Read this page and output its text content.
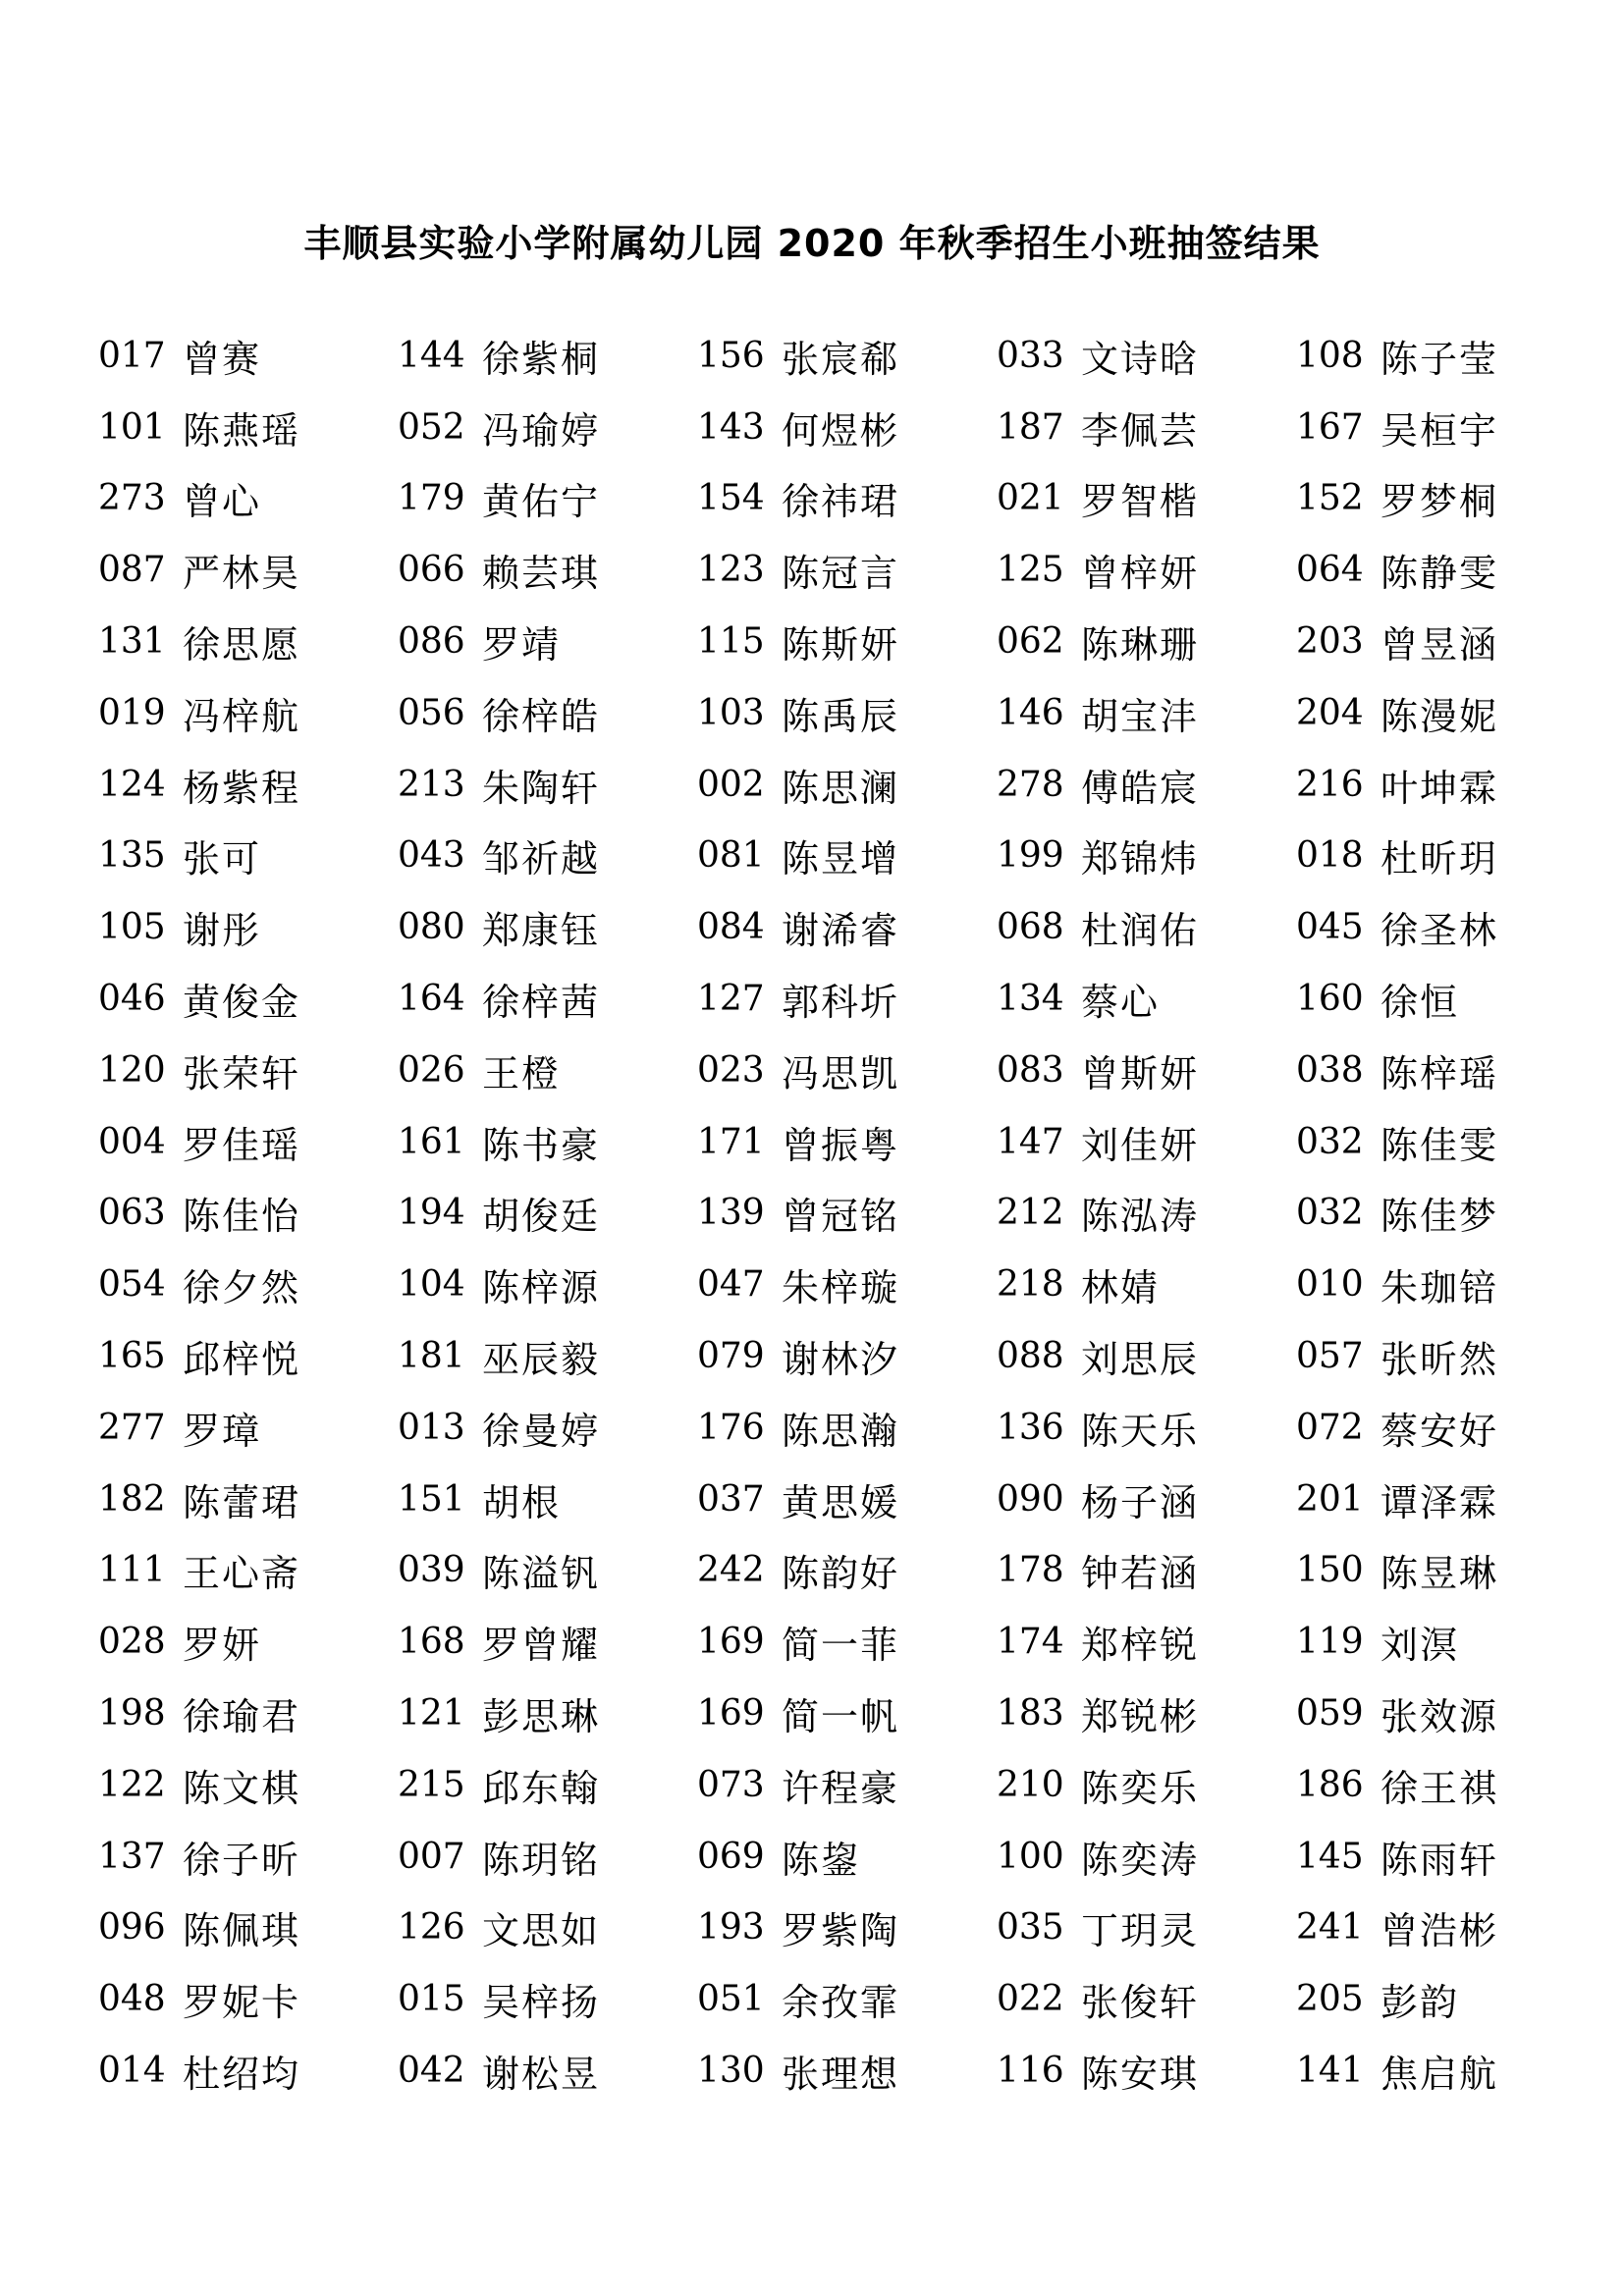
丰顺县实验小学附属幼儿园 2020 年秋季招生小班抽签结果
017 曾赛	144 徐紫桐	156 张宸郗	033 文诗晗	108 陈子莹
101 陈燕瑶	052 冯瑜婷	143 何煜彬	187 李佩芸	167 吴桓宇
273 曾心	179 黄佑宁	154 徐祎珺	021 罗智楷	152 罗梦桐
087 严林昊	066 赖芸琪	123 陈冠言	125 曾梓妍	064 陈静雯
131 徐思愿	086 罗靖	115 陈斯妍	062 陈琳珊	203 曾昱涵
019 冯梓航	056 徐梓皓	103 陈禹辰	146 胡宝沣	204 陈漫妮
124 杨紫程	213 朱陶轩	002 陈思澜	278 傅皓宸	216 叶坤霖
135 张可	043 邹祈越	081 陈昱增	199 郑锦炜	018 杜昕玥
105 谢彤	080 郑康钰	084 谢浠睿	068 杜润佑	045 徐圣林
046 黄俊金	164 徐梓茜	127 郭科圻	134 蔡心	160 徐恒
120 张荣轩	026 王橙	023 冯思凯	083 曾斯妍	038 陈梓瑶
004 罗佳瑶	161 陈书豪	171 曾振粤	147 刘佳妍	032 陈佳雯
063 陈佳怡	194 胡俊廷	139 曾冠铭	212 陈泓涛	032 陈佳梦
054 徐夕然	104 陈梓源	047 朱梓璇	218 林婧	010 朱珈锫
165 邱梓悦	181 巫辰毅	079 谢林汐	088 刘思辰	057 张昕然
277 罗璋	013 徐曼婷	176 陈思瀚	136 陈天乐	072 蔡安好
182 陈蕾珺	151 胡根	037 黄思媛	090 杨子涵	201 谭泽霖
111 王心斋	039 陈溢钒	242 陈韵好	178 钟若涵	150 陈昱琳
028 罗妍	168 罗曾耀	169 简一菲	174 郑梓锐	119 刘溟
198 徐瑜君	121 彭思琳	169 简一帆	183 郑锐彬	059 张效源
122 陈文棋	215 邱东翰	073 许程豪	210 陈奕乐	186 徐王祺
137 徐子昕	007 陈玥铭	069 陈鋆	100 陈奕涛	145 陈雨轩
096 陈佩琪	126 文思如	193 罗紫陶	035 丁玥灵	241 曾浩彬
048 罗妮卡	015 吴梓扬	051 余孜霏	022 张俊轩	205 彭韵
014 杜绍均	042 谢松昱	130 张理想	116 陈安琪	141 焦启航
